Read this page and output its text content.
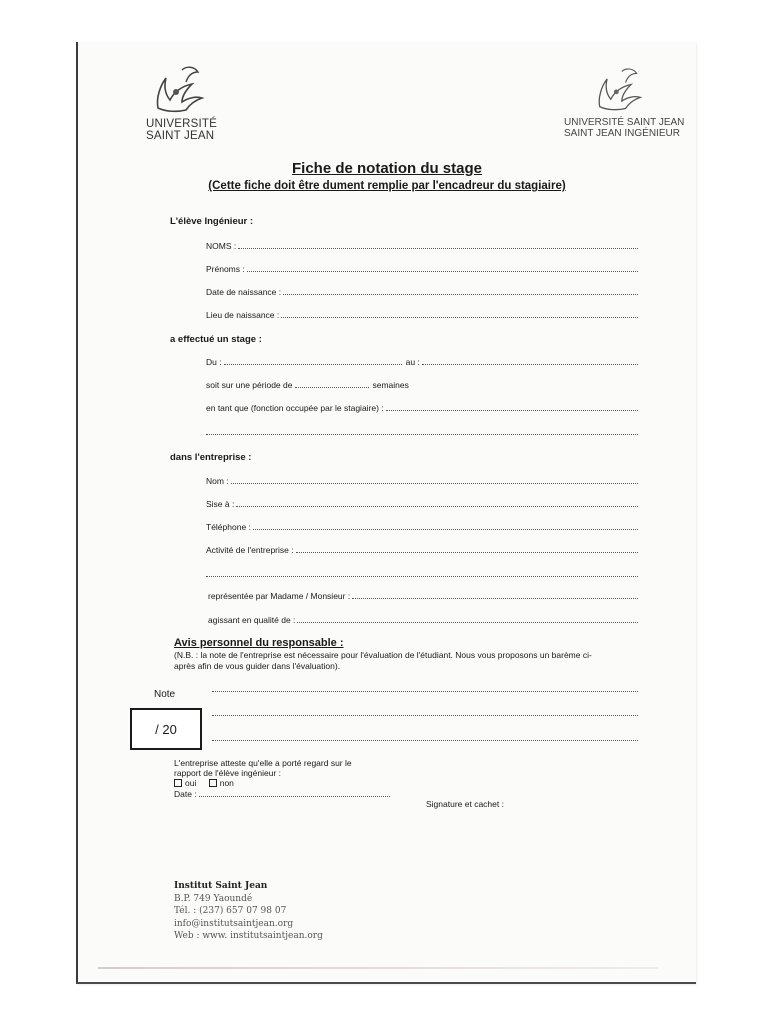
UNIVERSITÉ
SAINT JEAN
UNIVERSITÉ SAINT JEAN
SAINT JEAN INGÉNIEUR
Fiche de notation du stage
(Cette fiche doit être dument remplie par l'encadreur du stagiaire)
L'élève Ingénieur :
NOMS :
Prénoms :
Date de naissance :
Lieu de naissance :
a effectué un stage :
Du :	au :
soit sur une période de	semaines
en tant que (fonction occupée par le stagiaire) :
dans l'entreprise :
Nom :
Sise à :
Téléphone :
Activité de l'entreprise :
représentée par Madame / Monsieur :
agissant en qualité de :
Avis personnel du responsable :
(N.B. : la note de l'entreprise est nécessaire pour l'évaluation de l'étudiant. Nous vous proposons un barème ci-
après afin de vous guider dans l'évaluation).
Note
/ 20
L'entreprise atteste qu'elle a porté regard sur le
rapport de l'élève ingénieur :
oui	non
Date :
Signature et cachet :
Institut Saint Jean
B.P. 749 Yaoundé
Tél. : (237) 657 07 98 07
info@institutsaintjean.org
Web : www. institutsaintjean.org
